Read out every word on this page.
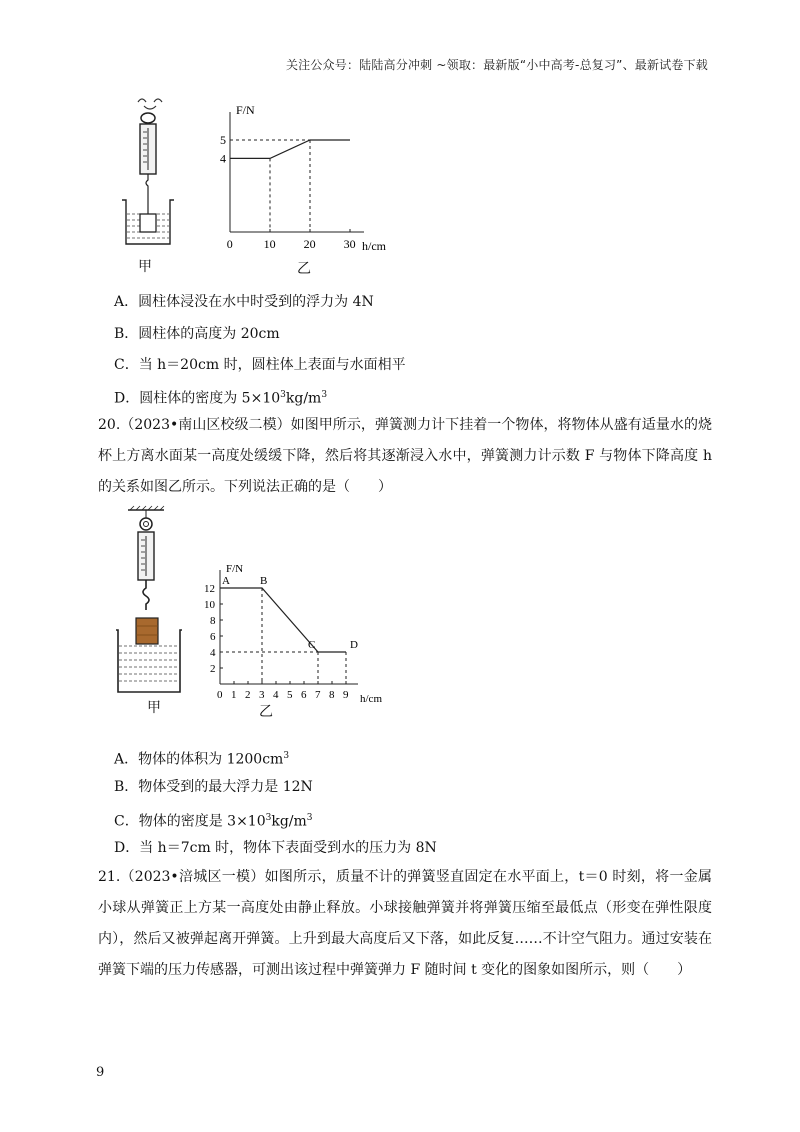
关注公众号：陆陆高分冲刺 ~领取：最新版“小中高考-总复习”、最新试卷下载
甲
F/N
h/cm
0	10 20 30
4
5
乙
A．圆柱体浸没在水中时受到的浮力为 4N
B．圆柱体的高度为 20cm
C．当 h＝20cm 时，圆柱体上表面与水面相平
D．圆柱体的密度为 $5\times 10^3kg/m^3$
20.（2023•南山区校级二模）如图甲所示，弹簧测力计下挂着一个物体，将物体从盛有适量水的烧杯上方离水面某一高度处缓缓下降，然后将其逐渐浸入水中，弹簧测力计示数 F 与物体下降高度 h 的关系如图乙所示。下列说法正确的是（　　）
甲
F/N
h/cm
0 1 2 3 4 5 6 7 8 9
2
4
6
8
10
12
A	B
C	D
乙
A．物体的体积为 $1200cm^3$
B．物体受到的最大浮力是 12N
C．物体的密度是 $3\times 10^3kg/m^3$
D．当 h＝7cm 时，物体下表面受到水的压力为 8N
21.（2023•涪城区一模）如图所示，质量不计的弹簧竖直固定在水平面上，t＝0 时刻，将一金属小球从弹簧正上方某一高度处由静止释放。小球接触弹簧并将弹簧压缩至最低点（形变在弹性限度内），然后又被弹起离开弹簧。上升到最大高度后又下落，如此反复……不计空气阻力。通过安装在弹簧下端的压力传感器，可测出该过程中弹簧弹力 F 随时间 t 变化的图象如图所示，则（　　）
9
